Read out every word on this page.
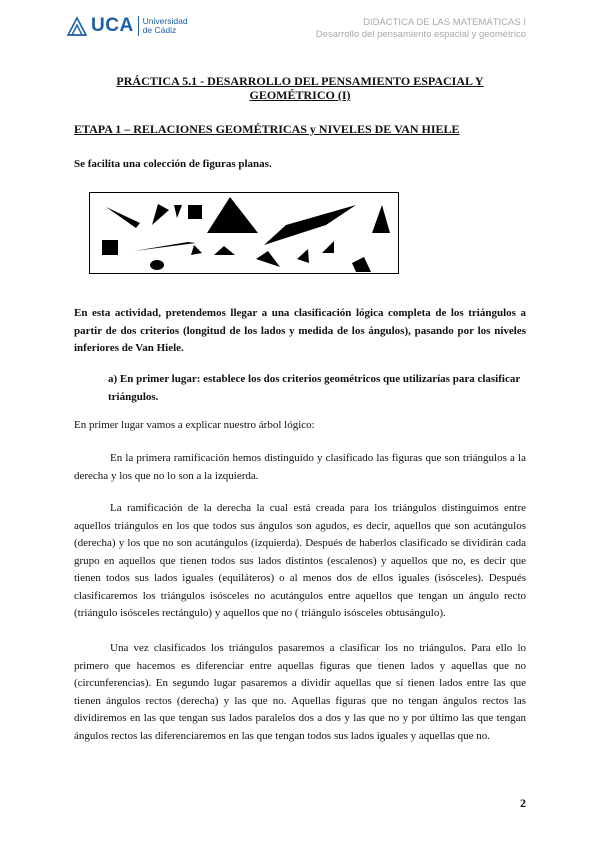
UCA Universidad
de Cádiz
DIDÁCTICA DE LAS MATEMÁTICAS I
Desarrollo del pensamiento espacial y geométrico
PRÁCTICA 5.1 - DESARROLLO DEL PENSAMIENTO ESPACIAL Y GEOMÉTRICO (I)
ETAPA 1 – RELACIONES GEOMÉTRICAS y NIVELES DE VAN HIELE
Se facilita una colección de figuras planas.
En esta actividad, pretendemos llegar a una clasificación lógica completa de los triángulos a partir de dos criterios (longitud de los lados y medida de los ángulos), pasando por los niveles inferiores de Van Hiele.
a) En primer lugar: establece los dos criterios geométricos que utilizarías para clasificar triángulos.
En primer lugar vamos a explicar nuestro árbol lógico:
En la primera ramificación hemos distinguido y clasificado las figuras que son triángulos a la derecha y los que no lo son a la izquierda.
La ramificación de la derecha la cual está creada para los triángulos distinguimos entre aquellos triángulos en los que todos sus ángulos son agudos, es decir, aquellos que son acutángulos (derecha) y los que no son acutángulos (izquierda). Después de haberlos clasificado se dividirán cada grupo en aquellos que tienen todos sus lados distintos (escalenos) y aquellos que no, es decir que tienen todos sus lados iguales (equiláteros) o al menos dos de ellos iguales (isósceles). Después clasificaremos los triángulos isósceles no acutángulos entre aquellos que tengan un ángulo recto (triángulo isósceles rectángulo) y aquellos que no ( triángulo isósceles obtusángulo).
Una vez clasificados los triángulos pasaremos a clasificar los no triángulos. Para ello lo primero que hacemos es diferenciar entre aquellas figuras que tienen lados y aquellas que no (circunferencias). En segundo lugar pasaremos a dividir aquellas que sí tienen lados entre las que tienen ángulos rectos (derecha) y las que no. Aquellas figuras que no tengan ángulos rectos las dividiremos en las que tengan sus lados paralelos dos a dos y las que no y por último las que tengan ángulos rectos las diferenciaremos en las que tengan todos sus lados iguales y aquellas que no.
2
